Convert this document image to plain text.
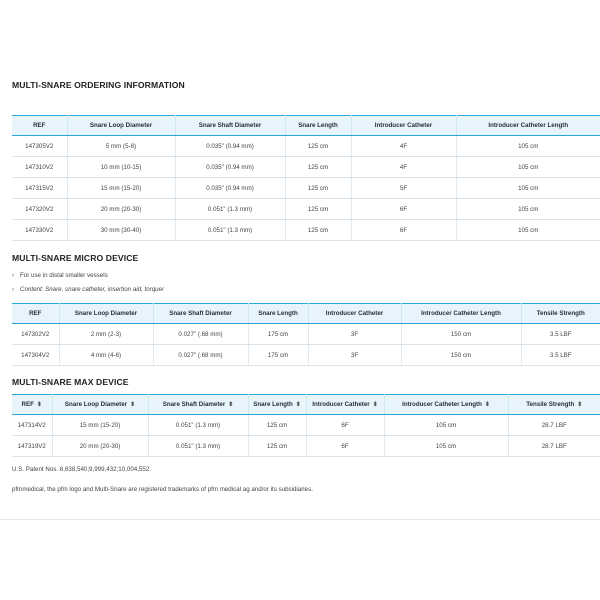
MULTI-SNARE ORDERING INFORMATION
REF	Snare Loop Diameter	Snare Shaft Diameter	Snare Length	Introducer Catheter	Introducer Catheter Length
147305V2	5 mm (5-8)	0.035" (0.94 mm)	125 cm	4F	105 cm
147310V2	10 mm (10-15)	0.035" (0.94 mm)	125 cm	4F	105 cm
147315V2	15 mm (15-20)	0.035" (0.94 mm)	125 cm	5F	105 cm
147320V2	20 mm (20-30)	0.051" (1.3 mm)	125 cm	6F	105 cm
147330V2	30 mm (30-40)	0.051" (1.3 mm)	125 cm	6F	105 cm
MULTI-SNARE MICRO DEVICE
› For use in distal smaller vessels
› Content: Snare, snare catheter, insertion aid, torquer
REF	Snare Loop Diameter	Snare Shaft Diameter	Snare Length	Introducer Catheter	Introducer Catheter Length	Tensile Strength
147302V2	2 mm (2-3)	0.027" (.68 mm)	175 cm	3F	150 cm	3.5 LBF
147304V2	4 mm (4-6)	0.027" (.68 mm)	175 cm	3F	150 cm	3.5 LBF
MULTI-SNARE MAX DEVICE
REF ⬍	Snare Loop Diameter ⬍	Snare Shaft Diameter ⬍	Snare Length ⬍	Introducer Catheter ⬍	Introducer Catheter Length ⬍	Tensile Strength ⬍
147314V2	15 mm (15-20)	0.051" (1.3 mm)	125 cm	6F	105 cm	28.7 LBF
147319V2	20 mm (20-30)	0.051" (1.3 mm)	125 cm	6F	105 cm	28.7 LBF
U.S. Patent Nos. 8,638,540;9,999,432;10,004,552.
pfmmedical, the pfm logo and Multi-Snare are registered trademarks of pfm medical ag and/or its subsidiaries.
